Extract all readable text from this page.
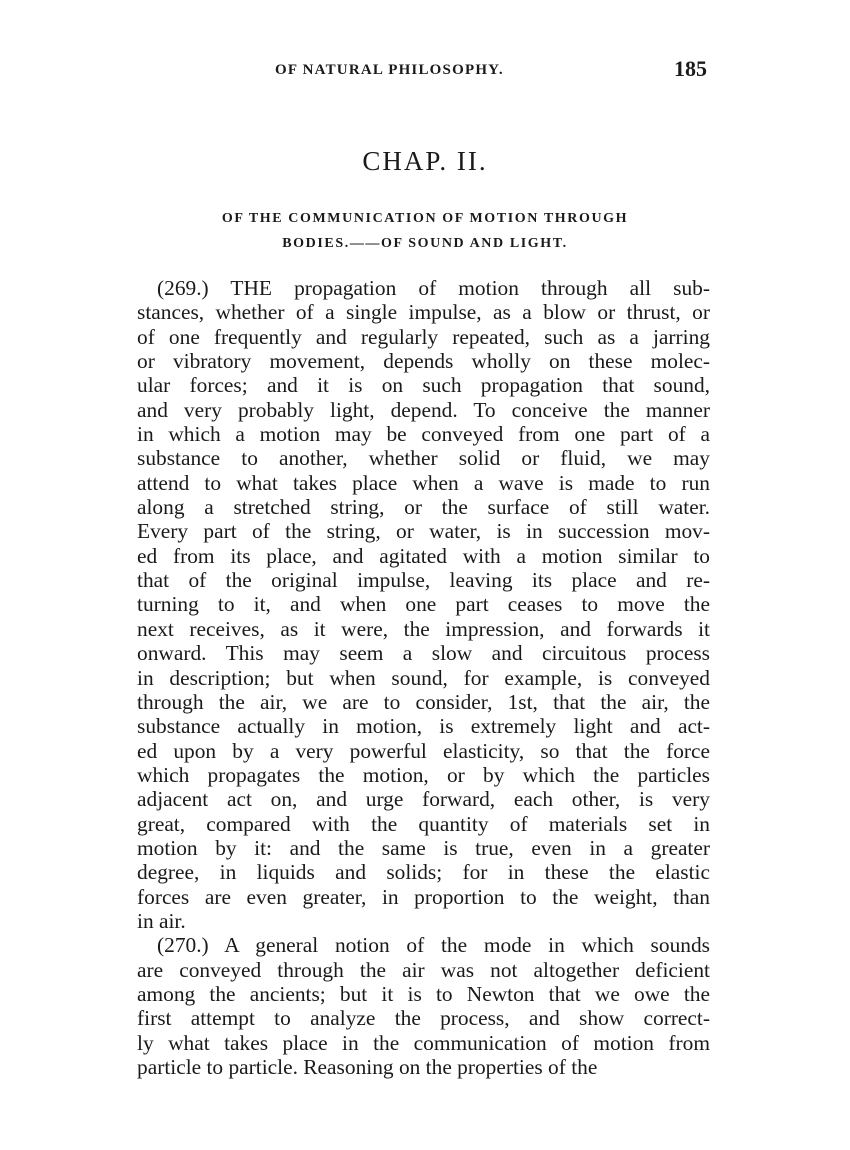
OF NATURAL PHILOSOPHY.	185
CHAP. II.
OF THE COMMUNICATION OF MOTION THROUGH
BODIES.——OF SOUND AND LIGHT.
(269.) THE propagation of motion through all sub-
stances, whether of a single impulse, as a blow or thrust, or
of one frequently and regularly repeated, such as a jarring
or vibratory movement, depends wholly on these molec-
ular forces; and it is on such propagation that sound,
and very probably light, depend. To conceive the manner
in which a motion may be conveyed from one part of a
substance to another, whether solid or fluid, we may
attend to what takes place when a wave is made to run
along a stretched string, or the surface of still water.
Every part of the string, or water, is in succession mov-
ed from its place, and agitated with a motion similar to
that of the original impulse, leaving its place and re-
turning to it, and when one part ceases to move the
next receives, as it were, the impression, and forwards it
onward. This may seem a slow and circuitous process
in description; but when sound, for example, is conveyed
through the air, we are to consider, 1st, that the air, the
substance actually in motion, is extremely light and act-
ed upon by a very powerful elasticity, so that the force
which propagates the motion, or by which the particles
adjacent act on, and urge forward, each other, is very
great, compared with the quantity of materials set in
motion by it: and the same is true, even in a greater
degree, in liquids and solids; for in these the elastic
forces are even greater, in proportion to the weight, than
in air.
(270.) A general notion of the mode in which sounds
are conveyed through the air was not altogether deficient
among the ancients; but it is to Newton that we owe the
first attempt to analyze the process, and show correct-
ly what takes place in the communication of motion from
particle to particle. Reasoning on the properties of the
